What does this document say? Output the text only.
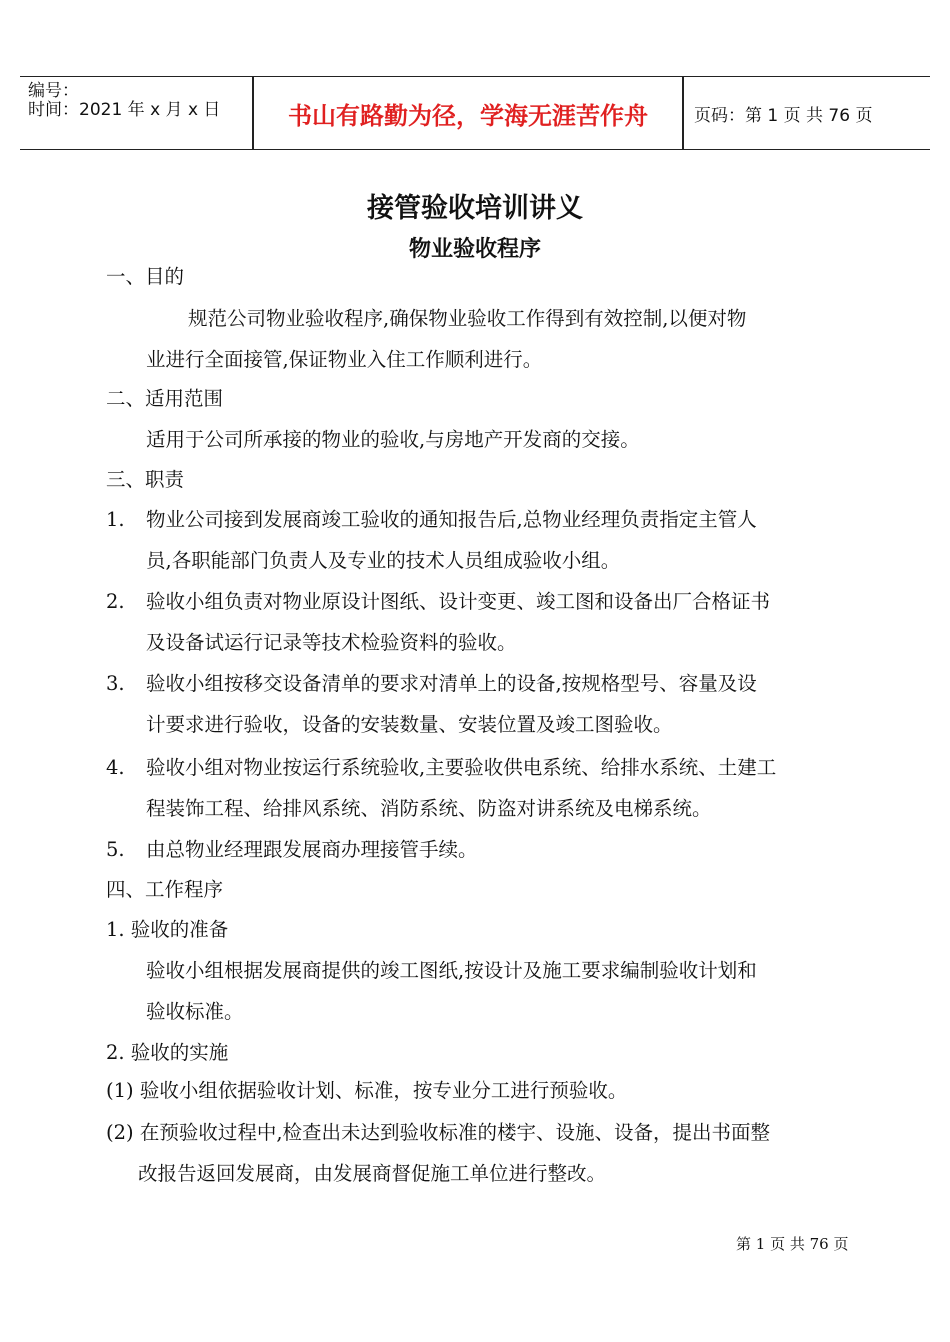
编号：
时间：2021 年 x 月 x 日	书山有路勤为径，学海无涯苦作舟	页码：第 1 页 共 76 页
接管验收培训讲义
物业验收程序
一、目的
规范公司物业验收程序,确保物业验收工作得到有效控制,以便对物
业进行全面接管,保证物业入住工作顺利进行。
二、适用范围
适用于公司所承接的物业的验收,与房地产开发商的交接。
三、职责
1. 物业公司接到发展商竣工验收的通知报告后,总物业经理负责指定主管人
员,各职能部门负责人及专业的技术人员组成验收小组。
2. 验收小组负责对物业原设计图纸、设计变更、竣工图和设备出厂合格证书
及设备试运行记录等技术检验资料的验收。
3. 验收小组按移交设备清单的要求对清单上的设备,按规格型号、容量及设
计要求进行验收，设备的安装数量、安装位置及竣工图验收。
4. 验收小组对物业按运行系统验收,主要验收供电系统、给排水系统、土建工
程装饰工程、给排风系统、消防系统、防盗对讲系统及电梯系统。
5. 由总物业经理跟发展商办理接管手续。
四、工作程序
1. 验收的准备
验收小组根据发展商提供的竣工图纸,按设计及施工要求编制验收计划和
验收标准。
2. 验收的实施
(1) 验收小组依据验收计划、标准，按专业分工进行预验收。
(2) 在预验收过程中,检查出未达到验收标准的楼宇、设施、设备，提出书面整
改报告返回发展商，由发展商督促施工单位进行整改。
第 1 页 共 76 页
